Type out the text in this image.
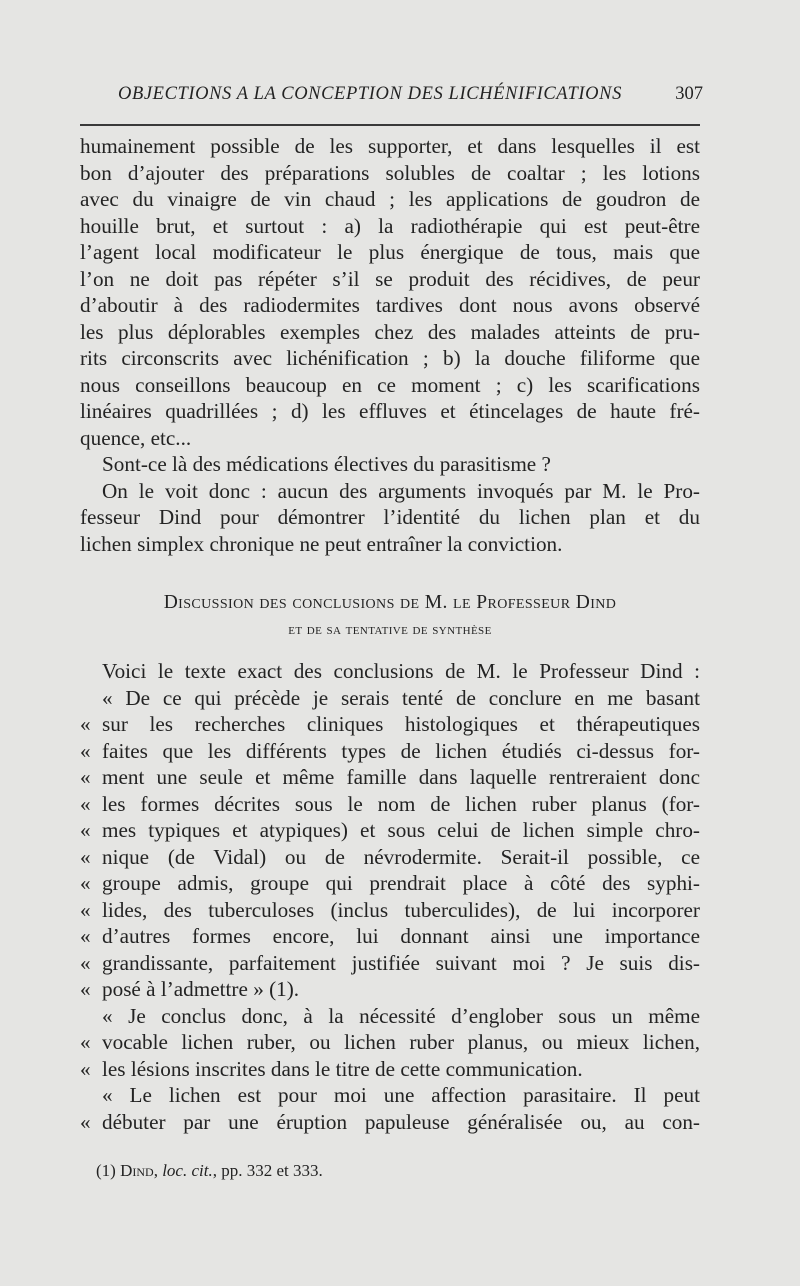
OBJECTIONS A LA CONCEPTION DES LICHÉNIFICATIONS	307
humainement possible de les supporter, et dans lesquelles il est
bon d’ajouter des préparations solubles de coaltar ; les lotions
avec du vinaigre de vin chaud ; les applications de goudron de
houille brut, et surtout : a) la radiothérapie qui est peut-être
l’agent local modificateur le plus énergique de tous, mais que
l’on ne doit pas répéter s’il se produit des récidives, de peur
d’aboutir à des radiodermites tardives dont nous avons observé
les plus déplorables exemples chez des malades atteints de pru-
rits circonscrits avec lichénification ; b) la douche filiforme que
nous conseillons beaucoup en ce moment ; c) les scarifications
linéaires quadrillées ; d) les effluves et étincelages de haute fré-
quence, etc...
Sont-ce là des médications électives du parasitisme ?
On le voit donc : aucun des arguments invoqués par M. le Pro-
fesseur Dind pour démontrer l’identité du lichen plan et du
lichen simplex chronique ne peut entraîner la conviction.
Discussion des conclusions de M. le Professeur Dind
et de sa tentative de synthèse
Voici le texte exact des conclusions de M. le Professeur Dind :
« De ce qui précède je serais tenté de conclure en me basant
« sur les recherches cliniques histologiques et thérapeutiques
« faites que les différents types de lichen étudiés ci-dessus for-
« ment une seule et même famille dans laquelle rentreraient donc
« les formes décrites sous le nom de lichen ruber planus (for-
« mes typiques et atypiques) et sous celui de lichen simple chro-
« nique (de Vidal) ou de névrodermite. Serait-il possible, ce
« groupe admis, groupe qui prendrait place à côté des syphi-
« lides, des tuberculoses (inclus tuberculides), de lui incorporer
« d’autres formes encore, lui donnant ainsi une importance
« grandissante, parfaitement justifiée suivant moi ? Je suis dis-
« posé à l’admettre » (1).
« Je conclus donc, à la nécessité d’englober sous un même
« vocable lichen ruber, ou lichen ruber planus, ou mieux lichen,
« les lésions inscrites dans le titre de cette communication.
« Le lichen est pour moi une affection parasitaire. Il peut
« débuter par une éruption papuleuse généralisée ou, au con-
(1) Dind, loc. cit., pp. 332 et 333.
